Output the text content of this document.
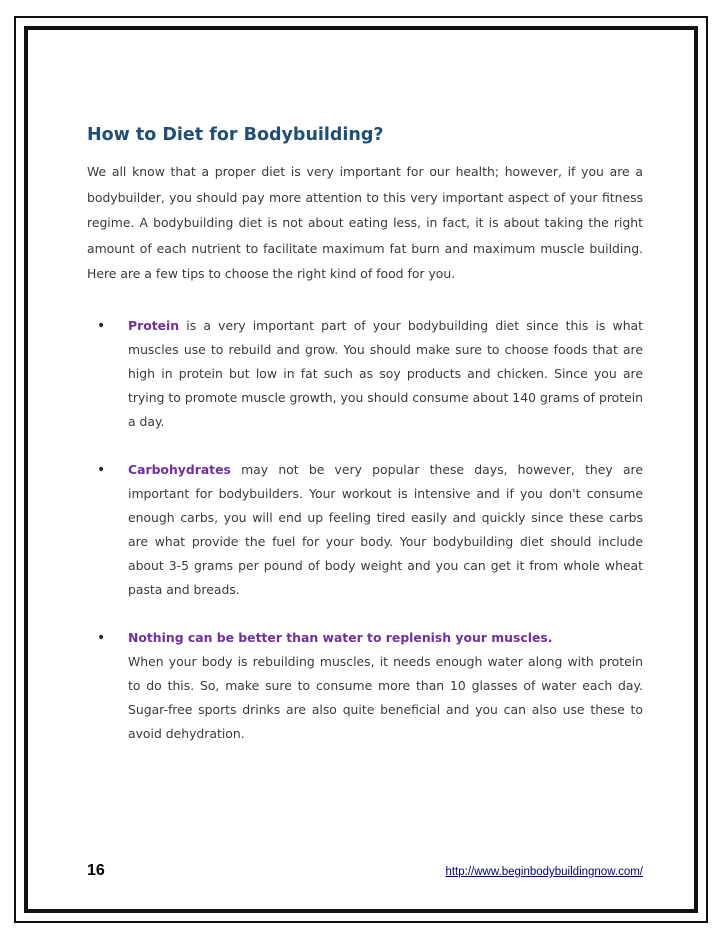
How to Diet for Bodybuilding?

We all know that a proper diet is very important for our health; however, if you are a bodybuilder, you should pay more attention to this very important aspect of your fitness regime. A bodybuilding diet is not about eating less, in fact, it is about taking the right amount of each nutrient to facilitate maximum fat burn and maximum muscle building. Here are a few tips to choose the right kind of food for you.

• Protein is a very important part of your bodybuilding diet since this is what muscles use to rebuild and grow. You should make sure to choose foods that are high in protein but low in fat such as soy products and chicken. Since you are trying to promote muscle growth, you should consume about 140 grams of protein a day.
• Carbohydrates may not be very popular these days, however, they are important for bodybuilders. Your workout is intensive and if you don't consume enough carbs, you will end up feeling tired easily and quickly since these carbs are what provide the fuel for your body. Your bodybuilding diet should include about 3-5 grams per pound of body weight and you can get it from whole wheat pasta and breads.
• Nothing can be better than water to replenish your muscles.
When your body is rebuilding muscles, it needs enough water along with protein to do this. So, make sure to consume more than 10 glasses of water each day. Sugar-free sports drinks are also quite beneficial and you can also use these to avoid dehydration.
16	http://www.beginbodybuildingnow.com/
